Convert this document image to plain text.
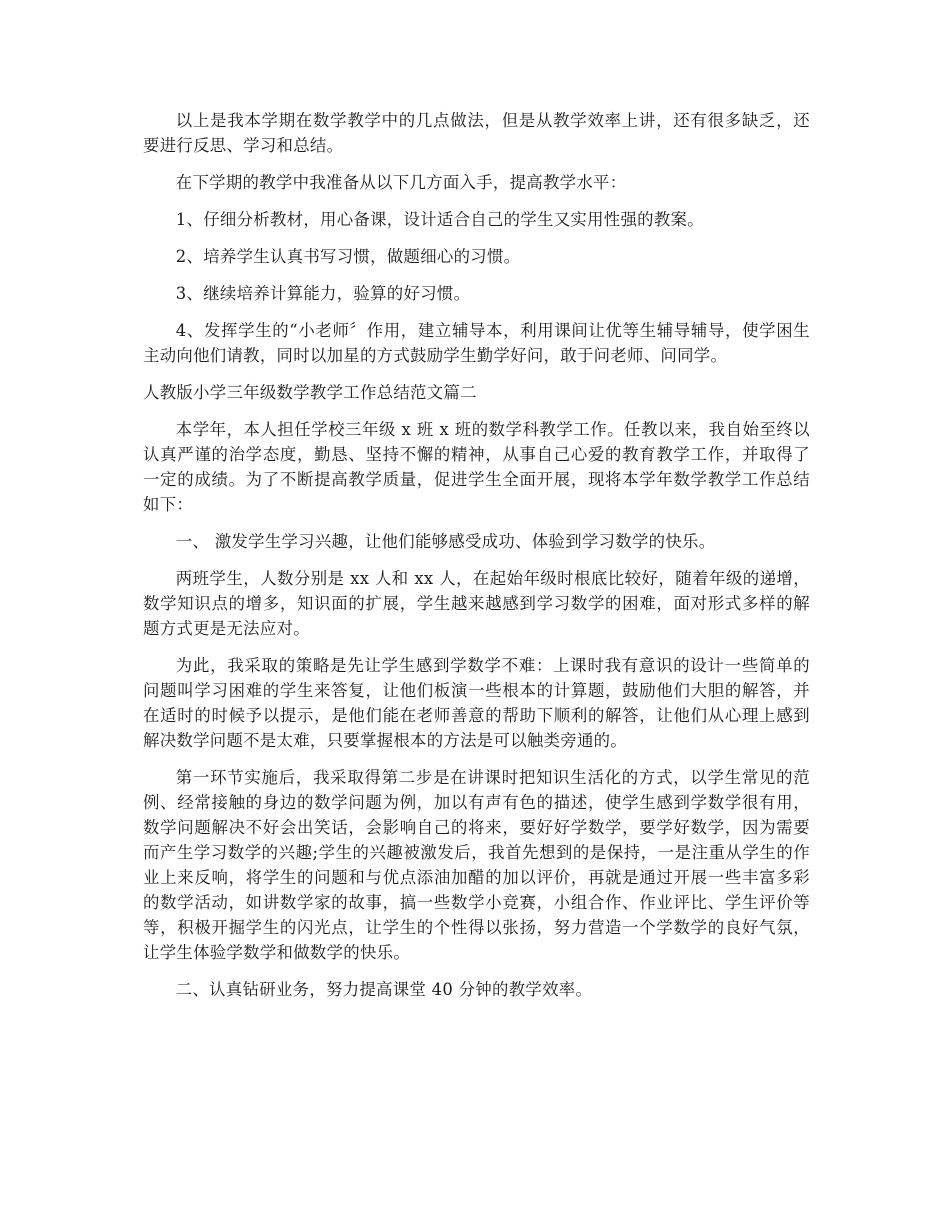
以上是我本学期在数学教学中的几点做法，但是从教学效率上讲，还有很多缺乏，还要进行反思、学习和总结。

在下学期的教学中我准备从以下几方面入手，提高教学水平：

1、仔细分析教材，用心备课，设计适合自己的学生又实用性强的教案。

2、培养学生认真书写习惯，做题细心的习惯。

3、继续培养计算能力，验算的好习惯。

4、发挥学生的“小老师〞作用，建立辅导本，利用课间让优等生辅导辅导，使学困生主动向他们请教，同时以加星的方式鼓励学生勤学好问，敢于问老师、问同学。

人教版小学三年级数学教学工作总结范文篇二

本学年，本人担任学校三年级 x 班 x 班的数学科教学工作。任教以来，我自始至终以认真严谨的治学态度，勤恳、坚持不懈的精神，从事自己心爱的教育教学工作，并取得了一定的成绩。为了不断提高教学质量，促进学生全面开展，现将本学年数学教学工作总结如下：

一、 激发学生学习兴趣，让他们能够感受成功、体验到学习数学的快乐。

两班学生，人数分别是 xx 人和 xx 人，在起始年级时根底比较好，随着年级的递增，数学知识点的增多，知识面的扩展，学生越来越感到学习数学的困难，面对形式多样的解题方式更是无法应对。

为此，我采取的策略是先让学生感到学数学不难：上课时我有意识的设计一些简单的问题叫学习困难的学生来答复，让他们板演一些根本的计算题，鼓励他们大胆的解答，并在适时的时候予以提示，是他们能在老师善意的帮助下顺利的解答，让他们从心理上感到解决数学问题不是太难，只要掌握根本的方法是可以触类旁通的。

第一环节实施后，我采取得第二步是在讲课时把知识生活化的方式，以学生常见的范例、经常接触的身边的数学问题为例，加以有声有色的描述，使学生感到学数学很有用，数学问题解决不好会出笑话，会影响自己的将来，要好好学数学，要学好数学，因为需要而产生学习数学的兴趣;学生的兴趣被激发后，我首先想到的是保持，一是注重从学生的作业上来反响，将学生的问题和与优点添油加醋的加以评价，再就是通过开展一些丰富多彩的数学活动，如讲数学家的故事，搞一些数学小竞赛，小组合作、作业评比、学生评价等等，积极开掘学生的闪光点，让学生的个性得以张扬，努力营造一个学数学的良好气氛，让学生体验学数学和做数学的快乐。

二、认真钻研业务，努力提高课堂 40 分钟的教学效率。
